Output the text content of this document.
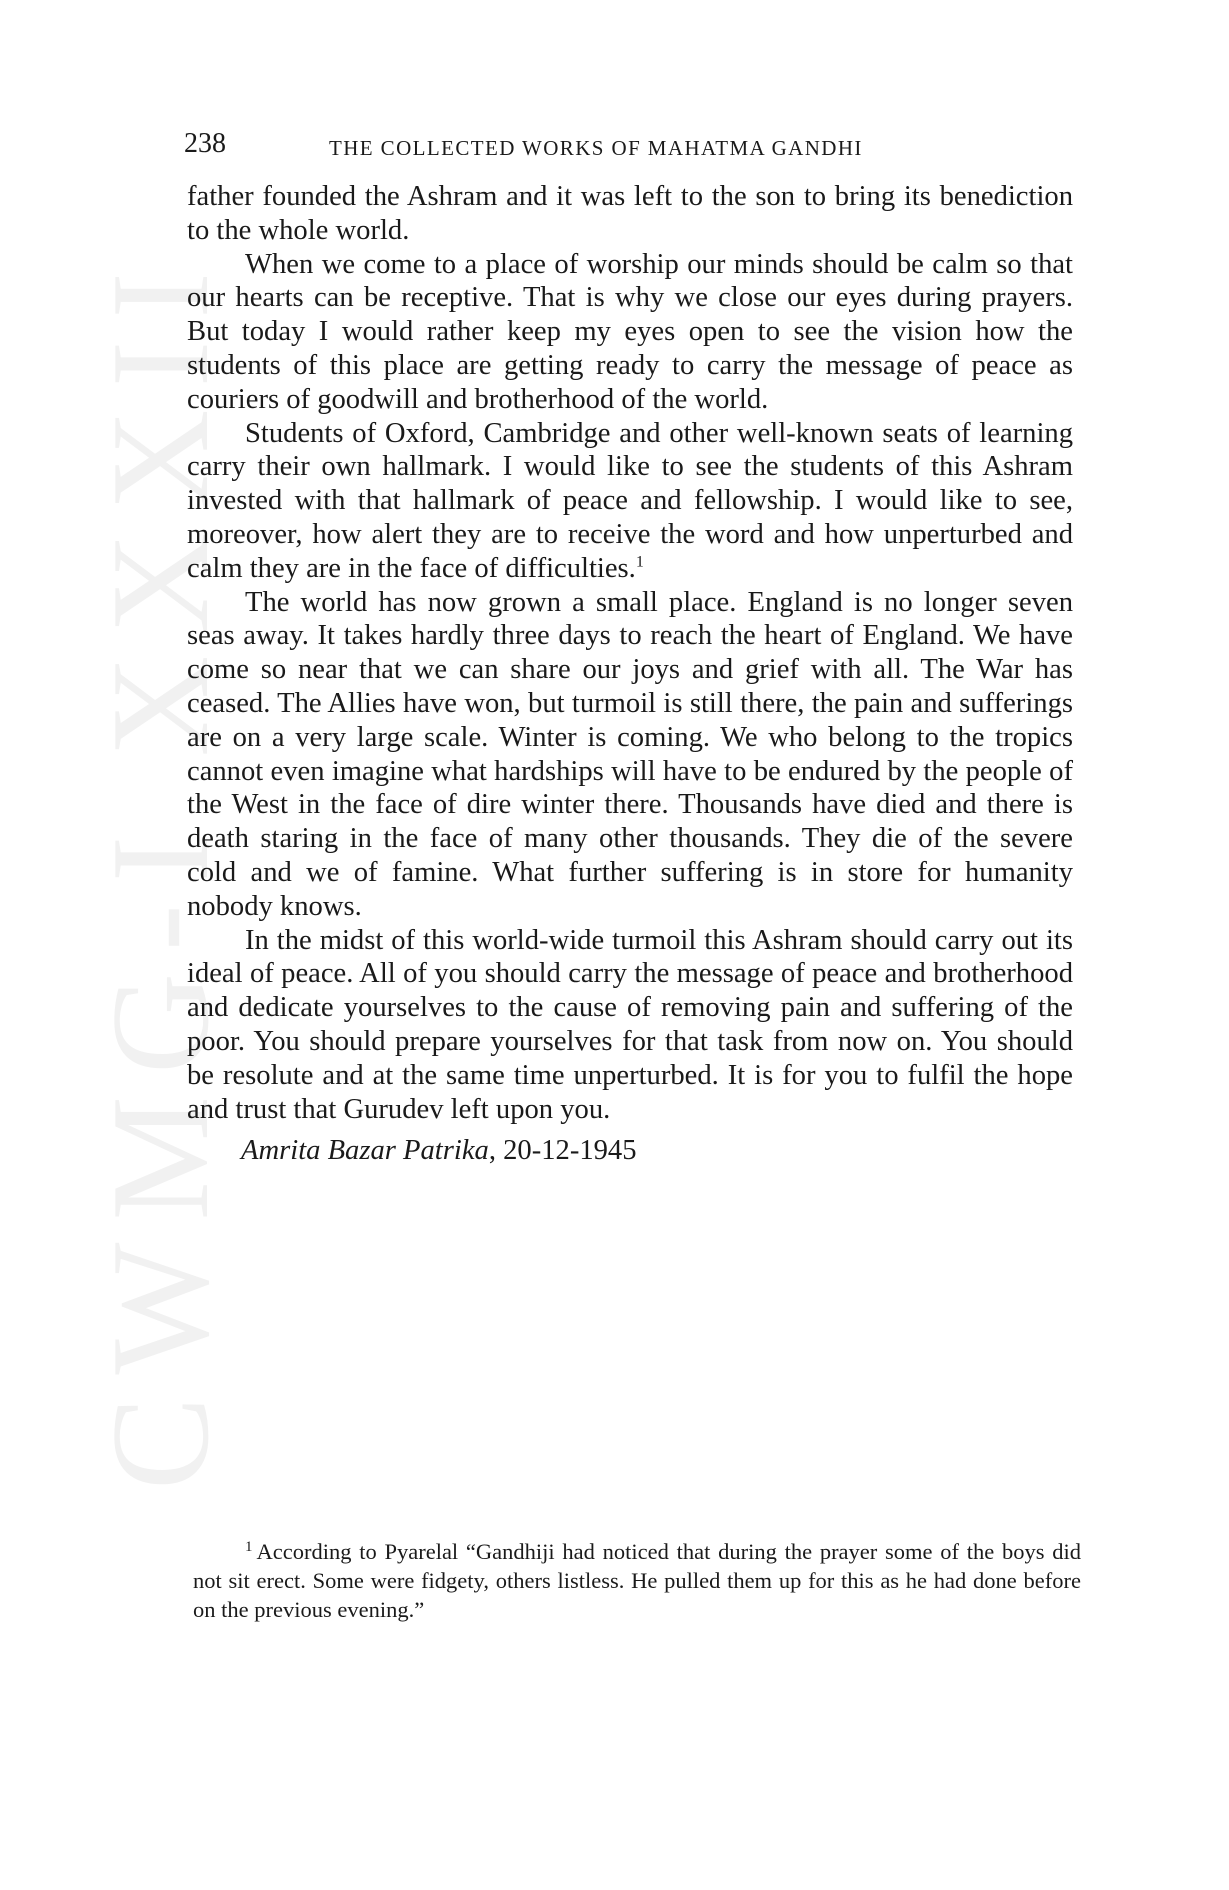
CWMG-I XXXII
238	THE COLLECTED WORKS OF MAHATMA GANDHI

father founded the Ashram and it was left to the son to bring its benediction to the whole world.

When we come to a place of worship our minds should be calm so that our hearts can be receptive. That is why we close our eyes during prayers. But today I would rather keep my eyes open to see the vision how the students of this place are getting ready to carry the message of peace as couriers of goodwill and brotherhood of the world.

Students of Oxford, Cambridge and other well-known seats of learning carry their own hallmark. I would like to see the students of this Ashram invested with that hallmark of peace and fellowship. I would like to see, moreover, how alert they are to receive the word and how unperturbed and calm they are in the face of difficulties.$^1$

The world has now grown a small place. England is no longer seven seas away. It takes hardly three days to reach the heart of England. We have come so near that we can share our joys and grief with all. The War has ceased. The Allies have won, but turmoil is still there, the pain and sufferings are on a very large scale. Winter is coming. We who belong to the tropics cannot even imagine what hardships will have to be endured by the people of the West in the face of dire winter there. Thousands have died and there is death staring in the face of many other thousands. They die of the severe cold and we of famine. What further suffering is in store for humanity nobody knows.

In the midst of this world-wide turmoil this Ashram should carry out its ideal of peace. All of you should carry the message of peace and brotherhood and dedicate yourselves to the cause of removing pain and suffering of the poor. You should prepare yourselves for that task from now on. You should be resolute and at the same time unperturbed. It is for you to fulfil the hope and trust that Gurudev left upon you.

Amrita Bazar Patrika, 20-12-1945

$^1$ According to Pyarelal “Gandhiji had noticed that during the prayer some of the boys did not sit erect. Some were fidgety, others listless. He pulled them up for this as he had done before on the previous evening.”
